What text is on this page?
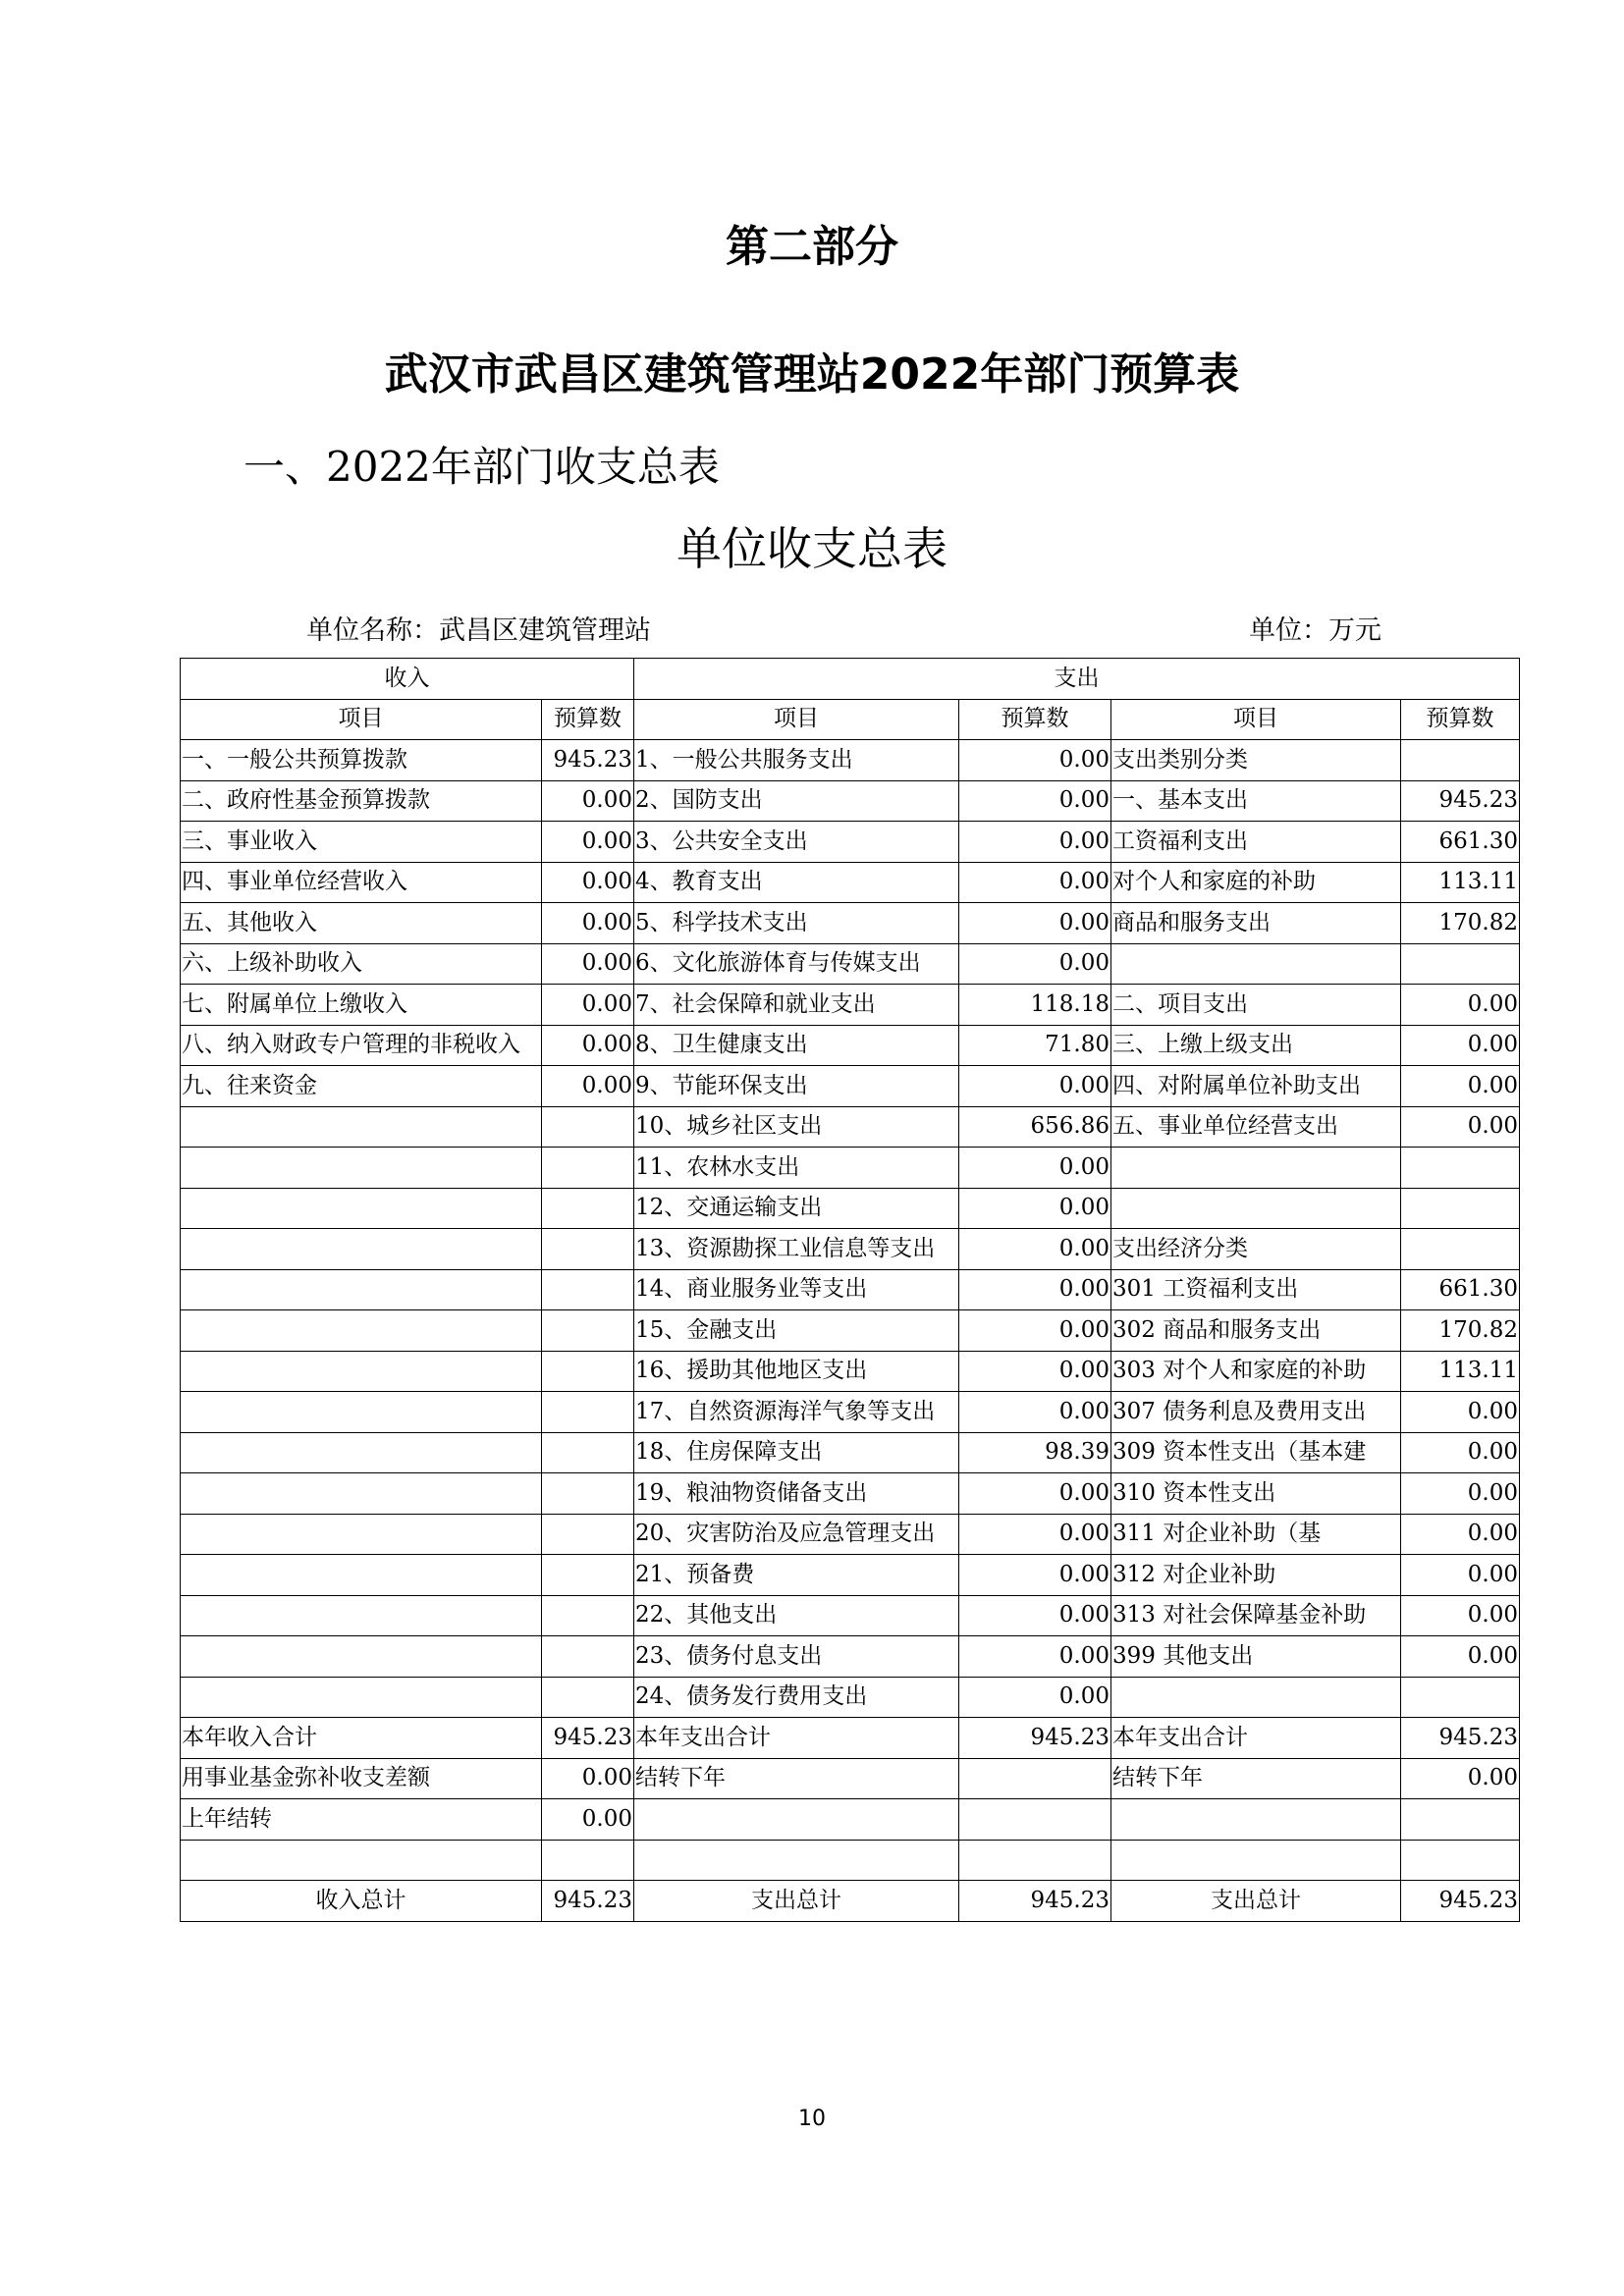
第二部分
武汉市武昌区建筑管理站2022年部门预算表
一、2022年部门收支总表
单位收支总表
单位名称：武昌区建筑管理站	单位：万元
收入		支出			
项目	预算数	项目	预算数	项目	预算数
一、一般公共预算拨款	945.23	1、一般公共服务支出	0.00	支出类别分类	
二、政府性基金预算拨款	0.00	2、国防支出	0.00	一、基本支出	945.23
三、事业收入	0.00	3、公共安全支出	0.00	工资福利支出	661.30
四、事业单位经营收入	0.00	4、教育支出	0.00	对个人和家庭的补助	113.11
五、其他收入	0.00	5、科学技术支出	0.00	商品和服务支出	170.82
六、上级补助收入	0.00	6、文化旅游体育与传媒支出	0.00		
七、附属单位上缴收入	0.00	7、社会保障和就业支出	118.18	二、项目支出	0.00
八、纳入财政专户管理的非税收入	0.00	8、卫生健康支出	71.80	三、上缴上级支出	0.00
九、往来资金	0.00	9、节能环保支出	0.00	四、对附属单位补助支出	0.00
		10、城乡社区支出	656.86	五、事业单位经营支出	0.00
		11、农林水支出	0.00		
		12、交通运输支出	0.00		
		13、资源勘探工业信息等支出	0.00	支出经济分类	
		14、商业服务业等支出	0.00	301 工资福利支出	661.30
		15、金融支出	0.00	302 商品和服务支出	170.82
		16、援助其他地区支出	0.00	303 对个人和家庭的补助	113.11
		17、自然资源海洋气象等支出	0.00	307 债务利息及费用支出	0.00
		18、住房保障支出	98.39	309 资本性支出（基本建	0.00
		19、粮油物资储备支出	0.00	310 资本性支出	0.00
		20、灾害防治及应急管理支出	0.00	311 对企业补助（基	0.00
		21、预备费	0.00	312 对企业补助	0.00
		22、其他支出	0.00	313 对社会保障基金补助	0.00
		23、债务付息支出	0.00	399 其他支出	0.00
		24、债务发行费用支出	0.00		
本年收入合计	945.23	本年支出合计	945.23	本年支出合计	945.23
用事业基金弥补收支差额	0.00	结转下年		结转下年	0.00
上年结转	0.00				

收入总计	945.23	支出总计	945.23	支出总计	945.23
10
